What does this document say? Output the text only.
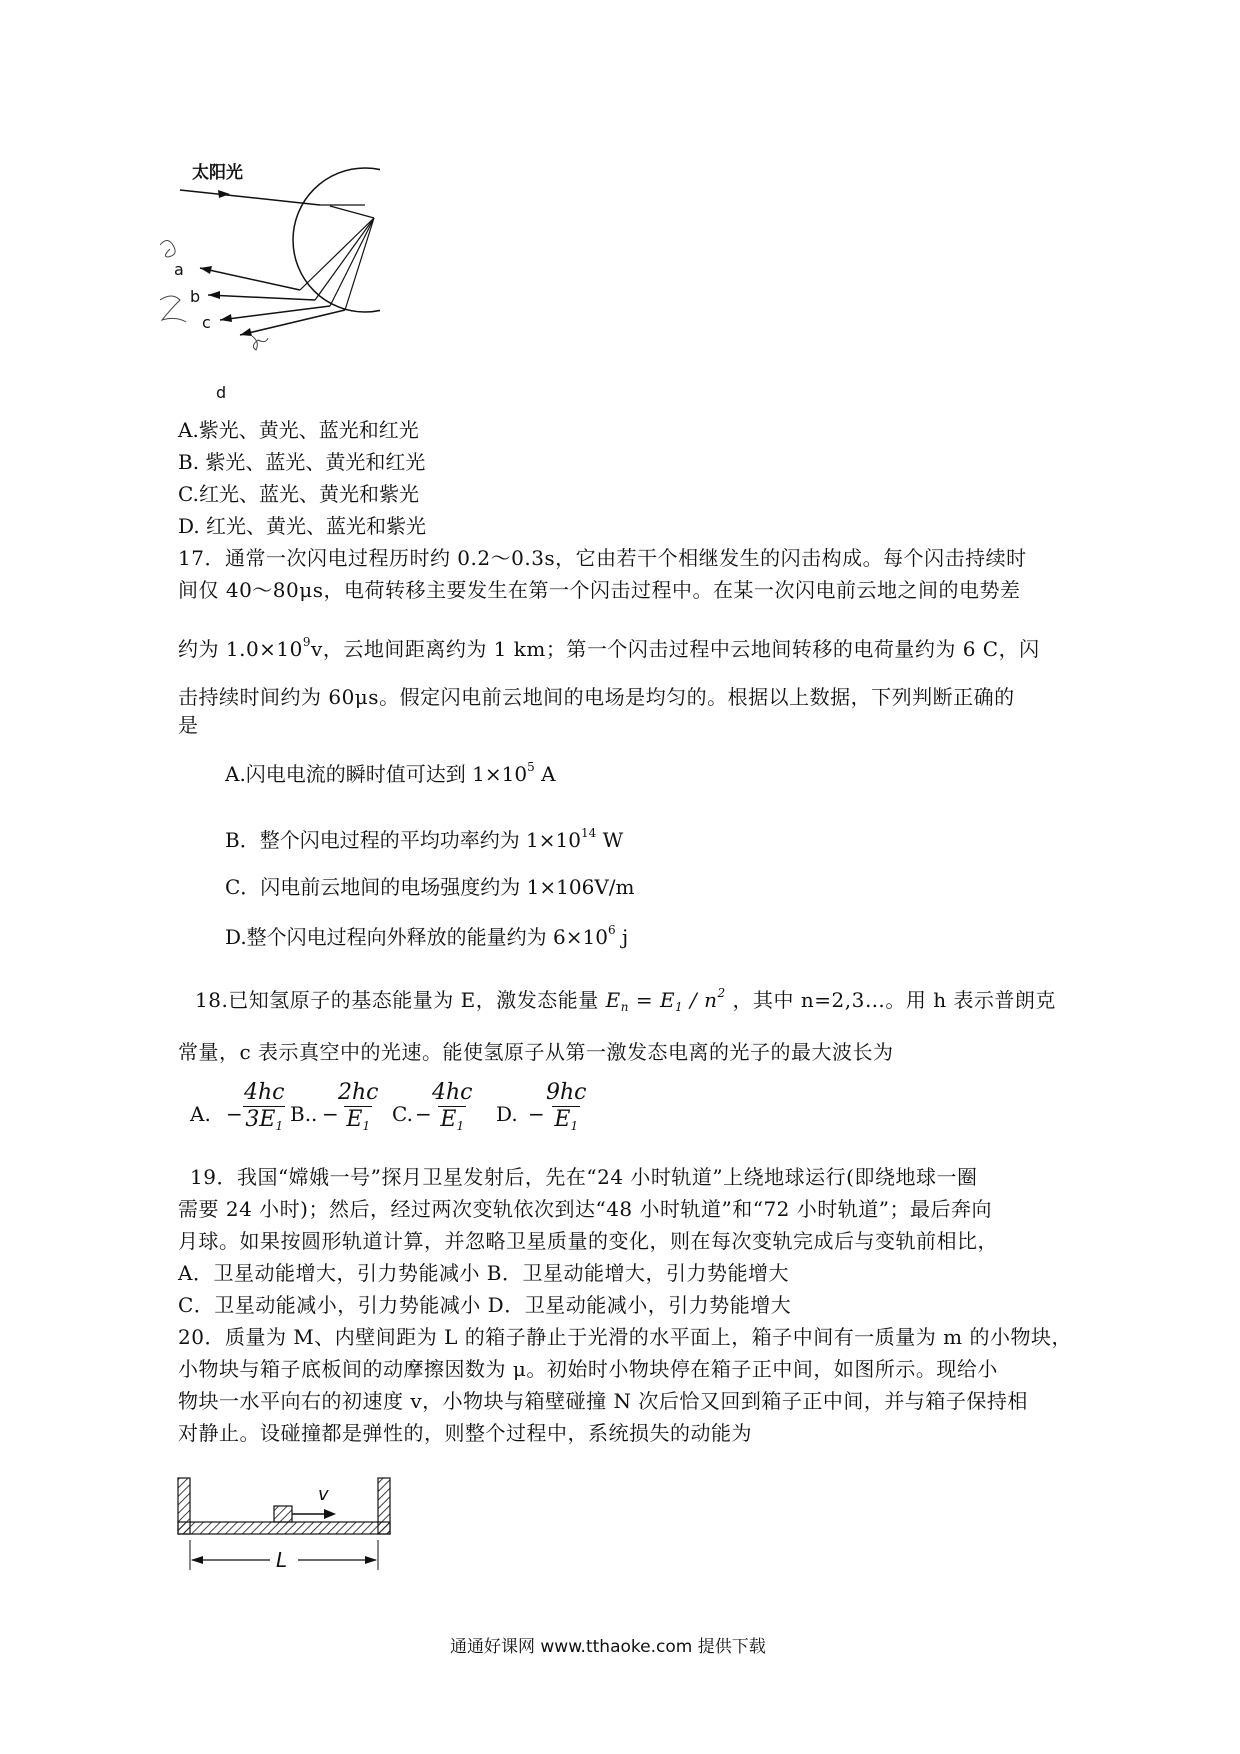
太阳光
a
b
c
d
A.紫光、黄光、蓝光和红光
B. 紫光、蓝光、黄光和红光
C.红光、蓝光、黄光和紫光
D. 红光、黄光、蓝光和紫光
17．通常一次闪电过程历时约 0.2～0.3s，它由若干个相继发生的闪击构成。每个闪击持续时
间仅 40～80μs，电荷转移主要发生在第一个闪击过程中。在某一次闪电前云地之间的电势差
约为 $1.0\times 10^9v$，云地间距离约为 1 km；第一个闪击过程中云地间转移的电荷量约为 6 C，闪
击持续时间约为 60μs。假定闪电前云地间的电场是均匀的。根据以上数据，下列判断正确的
是
A.闪电电流的瞬时值可达到 $1\times 10^5$ A
B．整个闪电过程的平均功率约为 $1\times 10^{14}$ W
C．闪电前云地间的电场强度约为 1×106V/m
D.整个闪电过程向外释放的能量约为 $6\times 10^6$ j
18.已知氢原子的基态能量为 E，激发态能量 $E_n = E_1 / n^2$ ，其中 n=2,3…。用 h 表示普朗克
常量，c 表示真空中的光速。能使氢原子从第一激发态电离的光子的最大波长为
A. − $\frac{4hc}{3E_1} B$.. −
$\frac{2hc}{E_1} C$. −
$\frac{4hc}{E_1} D$. − $\frac{9hc}{E_1}$
19．我国“嫦娥一号”探月卫星发射后，先在“24 小时轨道”上绕地球运行(即绕地球一圈
需要 24 小时)；然后，经过两次变轨依次到达“48 小时轨道”和“72 小时轨道”；最后奔向
月球。如果按圆形轨道计算，并忽略卫星质量的变化，则在每次变轨完成后与变轨前相比，
A．卫星动能增大，引力势能减小 B．卫星动能增大，引力势能增大
C．卫星动能减小，引力势能减小 D．卫星动能减小，引力势能增大
20．质量为 M、内壁间距为 L 的箱子静止于光滑的水平面上，箱子中间有一质量为 m 的小物块，
小物块与箱子底板间的动摩擦因数为 μ。初始时小物块停在箱子正中间，如图所示。现给小
物块一水平向右的初速度 v，小物块与箱壁碰撞 N 次后恰又回到箱子正中间，并与箱子保持相
对静止。设碰撞都是弹性的，则整个过程中，系统损失的动能为
v
L
通通好课网 www.tthaoke.com 提供下载
